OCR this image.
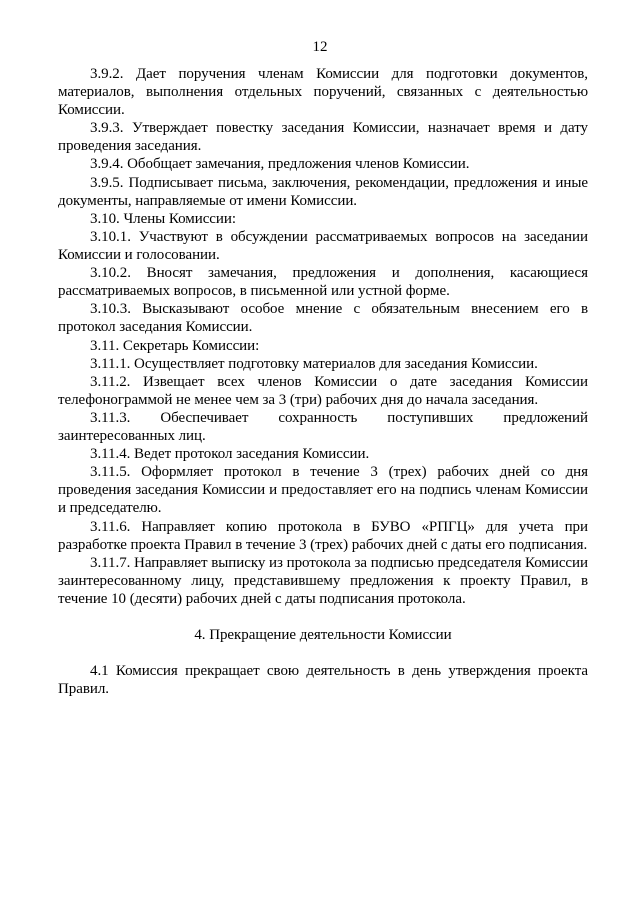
12

3.9.2. Дает поручения членам Комиссии для подготовки документов, материалов, выполнения отдельных поручений, связанных с деятельностью Комиссии.

3.9.3. Утверждает повестку заседания Комиссии, назначает время и дату проведения заседания.

3.9.4. Обобщает замечания, предложения членов Комиссии.

3.9.5. Подписывает письма, заключения, рекомендации, предложения и иные документы, направляемые от имени Комиссии.

3.10. Члены Комиссии:

3.10.1. Участвуют в обсуждении рассматриваемых вопросов на заседании Комиссии и голосовании.

3.10.2. Вносят замечания, предложения и дополнения, касающиеся рассматриваемых вопросов, в письменной или устной форме.

3.10.3. Высказывают особое мнение с обязательным внесением его в протокол заседания Комиссии.

3.11. Секретарь Комиссии:

3.11.1. Осуществляет подготовку материалов для заседания Комиссии.

3.11.2. Извещает всех членов Комиссии о дате заседания Комиссии телефонограммой не менее чем за 3 (три) рабочих дня до начала заседания.

3.11.3. Обеспечивает сохранность поступивших предложений заинтересованных лиц.

3.11.4. Ведет протокол заседания Комиссии.

3.11.5. Оформляет протокол в течение 3 (трех) рабочих дней со дня проведения заседания Комиссии и предоставляет его на подпись членам Комиссии и председателю.

3.11.6. Направляет копию протокола в БУВО «РПГЦ» для учета при разработке проекта Правил в течение 3 (трех) рабочих дней с даты его подписания.

3.11.7. Направляет выписку из протокола за подписью председателя Комиссии заинтересованному лицу, представившему предложения к проекту Правил, в течение 10 (десяти) рабочих дней с даты подписания протокола.

4. Прекращение деятельности Комиссии

4.1 Комиссия прекращает свою деятельность в день утверждения проекта Правил.
